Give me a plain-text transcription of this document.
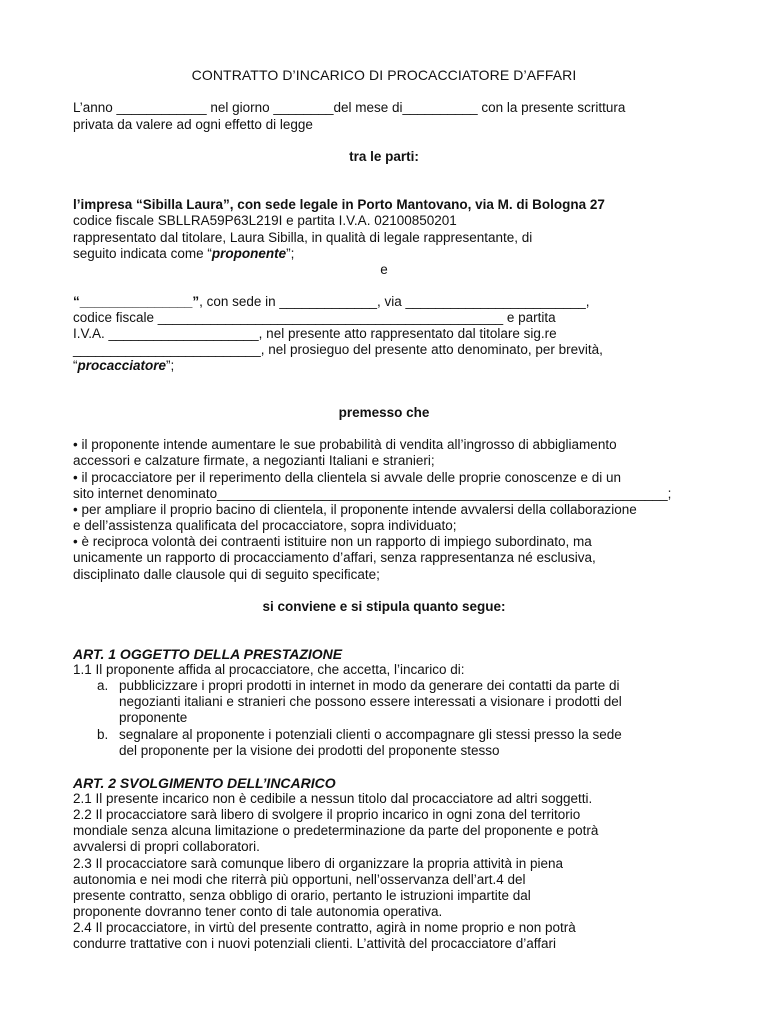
CONTRATTO D’INCARICO DI PROCACCIATORE D’AFFARI
L’anno ____________ nel giorno ________del mese di__________ con la presente scrittura
privata da valere ad ogni effetto di legge
tra le parti:
l’impresa “Sibilla Laura”, con sede legale in Porto Mantovano, via M. di Bologna 27
codice fiscale SBLLRA59P63L219I e partita I.V.A. 02100850201
rappresentato dal titolare, Laura Sibilla, in qualità di legale rappresentante, di
seguito indicata come “proponente”;
e
“_______________”, con sede in _____________, via ________________________,
codice fiscale ______________________________________________ e partita
I.V.A. ____________________, nel presente atto rappresentato dal titolare sig.re
_________________________, nel prosieguo del presente atto denominato, per brevità,
“procacciatore”;
premesso che
• il proponente intende aumentare le sue probabilità di vendita all’ingrosso di abbigliamento
accessori e calzature firmate, a negozianti Italiani e stranieri;
• il procacciatore per il reperimento della clientela si avvale delle proprie conoscenze e di un
sito internet denominato____________________________________________________________;
• per ampliare il proprio bacino di clientela, il proponente intende avvalersi della collaborazione
e dell’assistenza qualificata del procacciatore, sopra individuato;
• è reciproca volontà dei contraenti istituire non un rapporto di impiego subordinato, ma
unicamente un rapporto di procacciamento d’affari, senza rappresentanza né esclusiva,
disciplinato dalle clausole qui di seguito specificate;
si conviene e si stipula quanto segue:
ART. 1 OGGETTO DELLA PRESTAZIONE
1.1 Il proponente affida al procacciatore, che accetta, l’incarico di:
a. pubblicizzare i propri prodotti in internet in modo da generare dei contatti da parte di
negozianti italiani e stranieri che possono essere interessati a visionare i prodotti del
proponente
b. segnalare al proponente i potenziali clienti o accompagnare gli stessi presso la sede
del proponente per la visione dei prodotti del proponente stesso
ART. 2 SVOLGIMENTO DELL’INCARICO
2.1 Il presente incarico non è cedibile a nessun titolo dal procacciatore ad altri soggetti.
2.2 Il procacciatore sarà libero di svolgere il proprio incarico in ogni zona del territorio
mondiale senza alcuna limitazione o predeterminazione da parte del proponente e potrà
avvalersi di propri collaboratori.
2.3 Il procacciatore sarà comunque libero di organizzare la propria attività in piena
autonomia e nei modi che riterrà più opportuni, nell’osservanza dell’art.4 del
presente contratto, senza obbligo di orario, pertanto le istruzioni impartite dal
proponente dovranno tener conto di tale autonomia operativa.
2.4 Il procacciatore, in virtù del presente contratto, agirà in nome proprio e non potrà
condurre trattative con i nuovi potenziali clienti. L’attività del procacciatore d’affari
